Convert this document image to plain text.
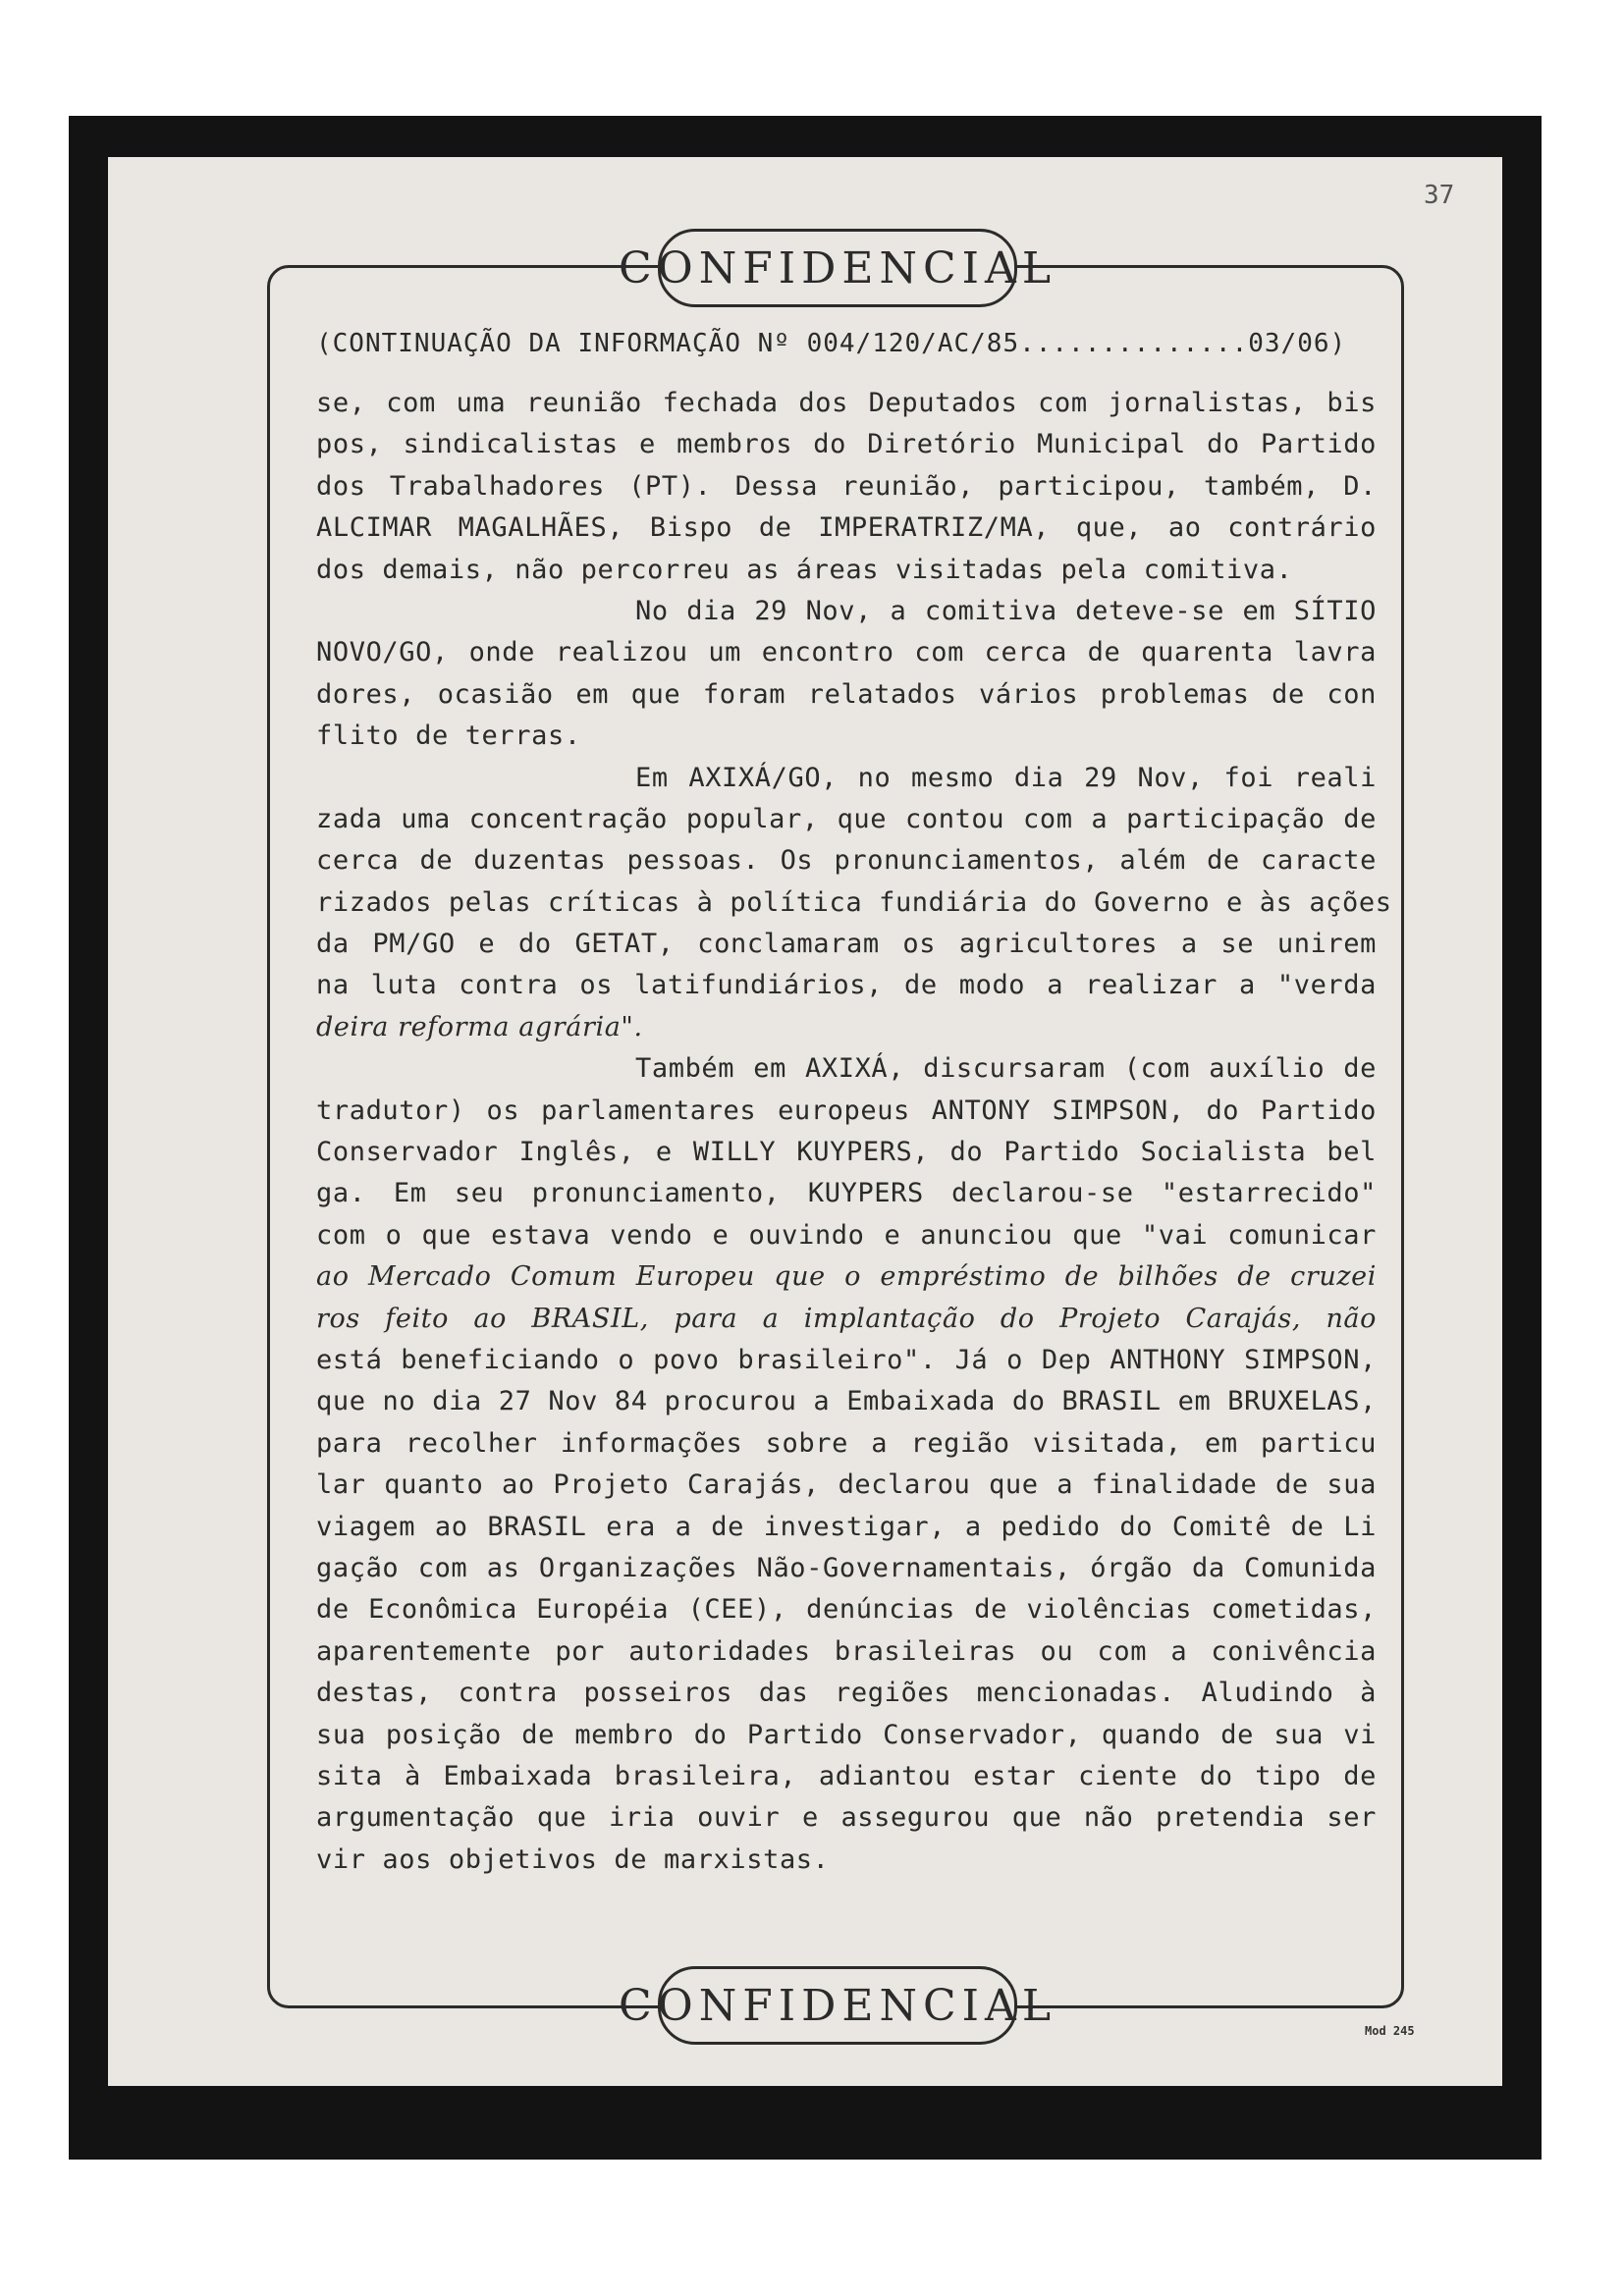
37
CONFIDENCIAL
CONFIDENCIAL
(CONTINUAÇÃO DA INFORMAÇÃO Nº 004/120/AC/85..............03/06)
se, com uma reunião fechada dos Deputados com jornalistas, bis
pos, sindicalistas e membros do Diretório Municipal do Partido
dos Trabalhadores (PT). Dessa reunião, participou, também, D.
ALCIMAR MAGALHÃES, Bispo de IMPERATRIZ/MA, que, ao contrário
dos demais, não percorreu as áreas visitadas pela comitiva.
No dia 29 Nov, a comitiva deteve-se em SÍTIO
NOVO/GO, onde realizou um encontro com cerca de quarenta lavra
dores, ocasião em que foram relatados vários problemas de con
flito de terras.
Em AXIXÁ/GO, no mesmo dia 29 Nov, foi reali
zada uma concentração popular, que contou com a participação de
cerca de duzentas pessoas. Os pronunciamentos, além de caracte
rizados pelas críticas à política fundiária do Governo e às ações
da PM/GO e do GETAT, conclamaram os agricultores a se unirem
na luta contra os latifundiários, de modo a realizar a "verda
deira reforma agrária".
Também em AXIXÁ, discursaram (com auxílio de
tradutor) os parlamentares europeus ANTONY SIMPSON, do Partido
Conservador Inglês, e WILLY KUYPERS, do Partido Socialista bel
ga. Em seu pronunciamento, KUYPERS declarou-se "estarrecido"
com o que estava vendo e ouvindo e anunciou que "vai comunicar
ao Mercado Comum Europeu que o empréstimo de bilhões de cruzei
ros feito ao BRASIL, para a implantação do Projeto Carajás, não
está beneficiando o povo brasileiro". Já o Dep ANTHONY SIMPSON,
que no dia 27 Nov 84 procurou a Embaixada do BRASIL em BRUXELAS,
para recolher informações sobre a região visitada, em particu
lar quanto ao Projeto Carajás, declarou que a finalidade de sua
viagem ao BRASIL era a de investigar, a pedido do Comitê de Li
gação com as Organizações Não-Governamentais, órgão da Comunida
de Econômica Européia (CEE), denúncias de violências cometidas,
aparentemente por autoridades brasileiras ou com a conivência
destas, contra posseiros das regiões mencionadas. Aludindo à
sua posição de membro do Partido Conservador, quando de sua vi
sita à Embaixada brasileira, adiantou estar ciente do tipo de
argumentação que iria ouvir e assegurou que não pretendia ser
vir aos objetivos de marxistas.
Mod 245
